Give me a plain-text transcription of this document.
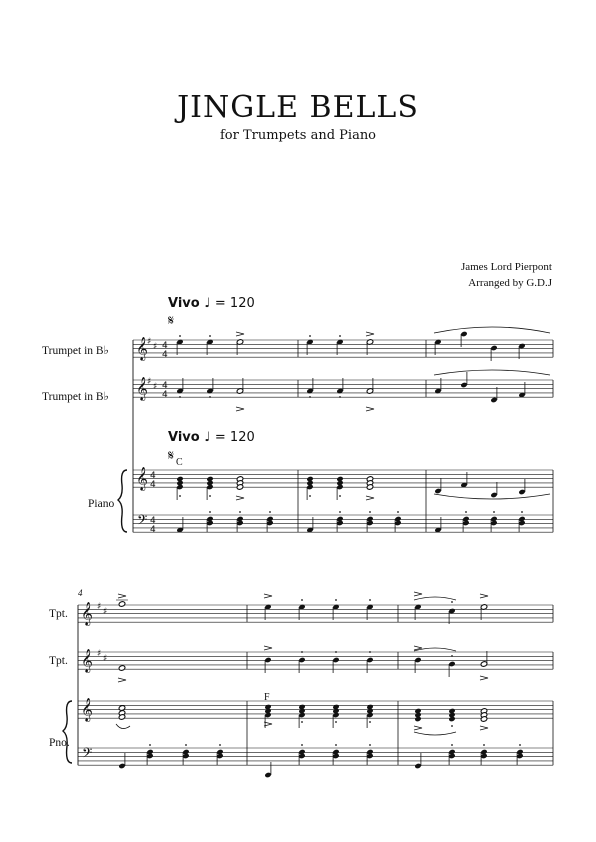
JINGLE BELLS
for Trumpets and Piano
James Lord Pierpont
Arranged by G.D.J
Trumpet in B♭
Trumpet in B♭
Piano
Vivo ♩ = 120
Vivo ♩ = 120
C
4
Tpt.
Tpt.
Pno.
F
𝄞
𝄞
𝄞
𝄢
♯ ♯
♯ ♯
4
4
4
4
4
4
4
4
𝄋
𝄋
𝄞
𝄞
𝄞
𝄢
♯ ♯
♯ ♯
